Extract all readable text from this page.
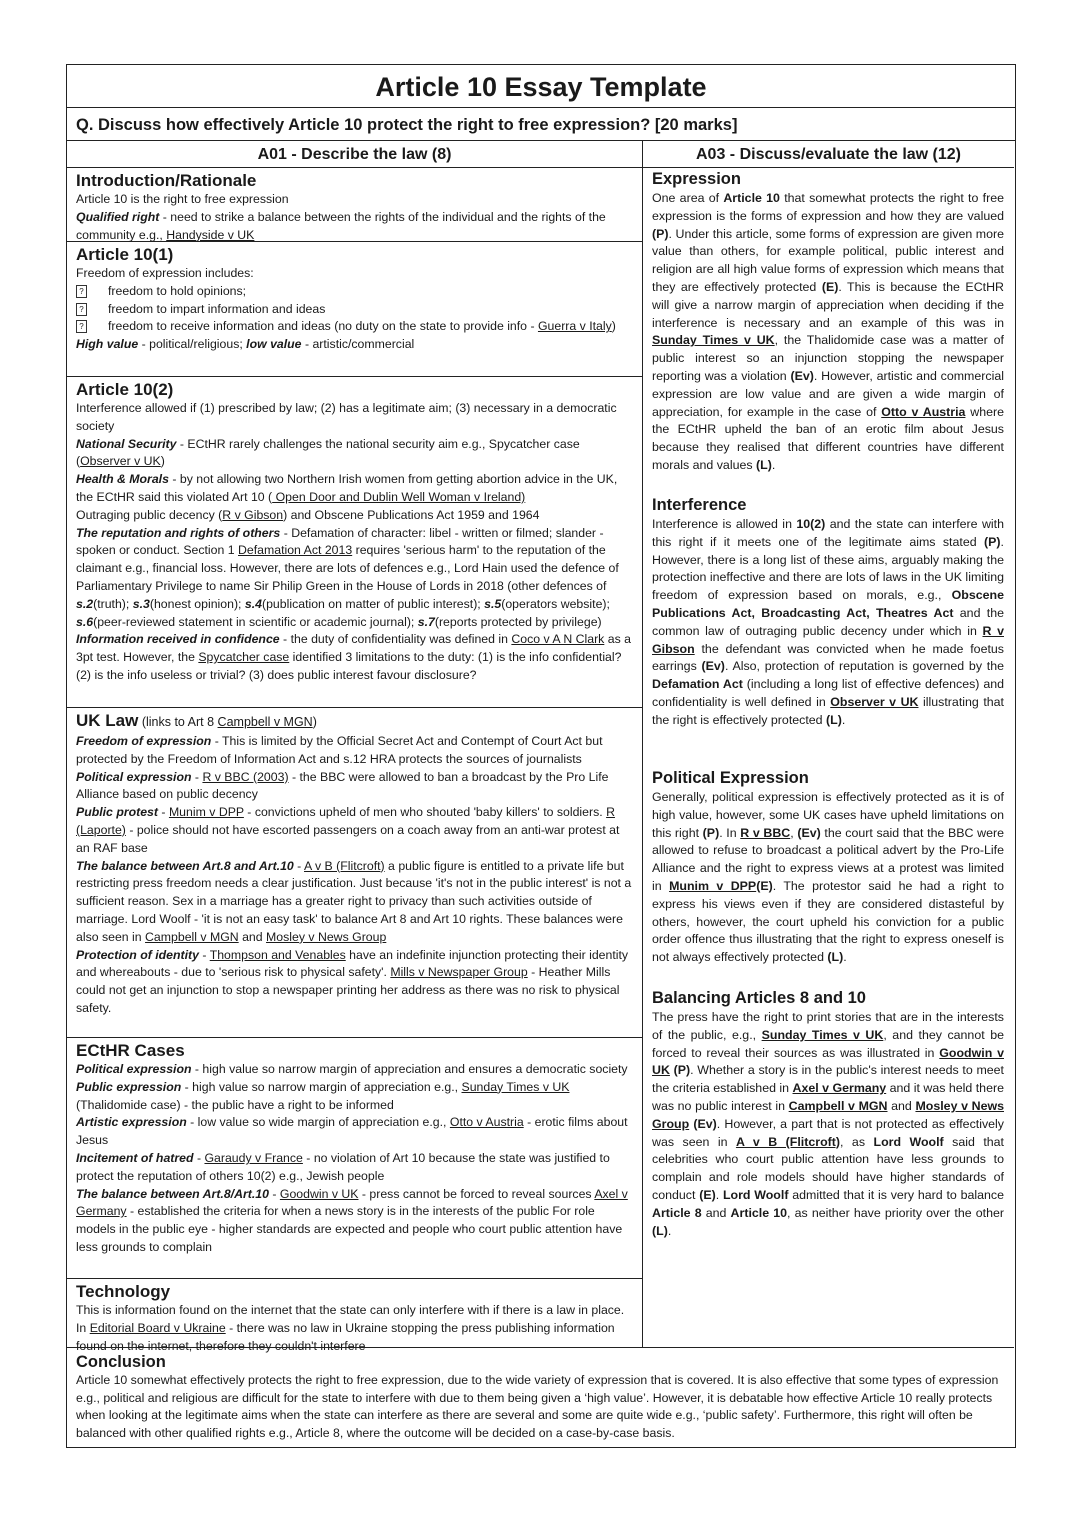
Article 10 Essay Template
Q. Discuss how effectively Article 10 protect the right to free expression? [20 marks]
A01 - Describe the law (8)
Introduction/Rationale

Article 10 is the right to free expression

Qualified right - need to strike a balance between the rights of the individual and the rights of the community e.g., Handyside v UK

Article 10(1)

Freedom of expression includes:

? freedom to hold opinions;

? freedom to impart information and ideas

? freedom to receive information and ideas (no duty on the state to provide info - Guerra v Italy)

High value - political/religious; low value - artistic/commercial

Article 10(2)

Interference allowed if (1) prescribed by law; (2) has a legitimate aim; (3) necessary in a democratic society

National Security - ECtHR rarely challenges the national security aim e.g., Spycatcher case (Observer v UK)

Health & Morals - by not allowing two Northern Irish women from getting abortion advice in the UK, the ECtHR said this violated Art 10 ( Open Door and Dublin Well Woman v Ireland)

Outraging public decency (R v Gibson) and Obscene Publications Act 1959 and 1964

The reputation and rights of others - Defamation of character: libel - written or filmed; slander - spoken or conduct. Section 1 Defamation Act 2013 requires 'serious harm' to the reputation of the claimant e.g., financial loss. However, there are lots of defences e.g., Lord Hain used the defence of Parliamentary Privilege to name Sir Philip Green in the House of Lords in 2018 (other defences of s.2(truth); s.3(honest opinion); s.4(publication on matter of public interest); s.5(operators website); s.6(peer-reviewed statement in scientific or academic journal); s.7(reports protected by privilege)

Information received in confidence - the duty of confidentiality was defined in Coco v A N Clark as a 3pt test. However, the Spycatcher case identified 3 limitations to the duty: (1) is the info confidential? (2) is the info useless or trivial? (3) does public interest favour disclosure?

UK Law (links to Art 8 Campbell v MGN)

Freedom of expression - This is limited by the Official Secret Act and Contempt of Court Act but protected by the Freedom of Information Act and s.12 HRA protects the sources of journalists

Political expression - R v BBC (2003) - the BBC were allowed to ban a broadcast by the Pro Life Alliance based on public decency

Public protest - Munim v DPP - convictions upheld of men who shouted 'baby killers' to soldiers. R (Laporte) - police should not have escorted passengers on a coach away from an anti-war protest at an RAF base

The balance between Art.8 and Art.10 - A v B (Flitcroft) a public figure is entitled to a private life but restricting press freedom needs a clear justification. Just because 'it's not in the public interest' is not a sufficient reason. Sex in a marriage has a greater right to privacy than such activities outside of marriage. Lord Woolf - 'it is not an easy task' to balance Art 8 and Art 10 rights. These balances were also seen in Campbell v MGN and Mosley v News Group

Protection of identity - Thompson and Venables have an indefinite injunction protecting their identity and whereabouts - due to 'serious risk to physical safety'. Mills v Newspaper Group - Heather Mills could not get an injunction to stop a newspaper printing her address as there was no risk to physical safety.

ECtHR Cases

Political expression - high value so narrow margin of appreciation and ensures a democratic society

Public expression - high value so narrow margin of appreciation e.g., Sunday Times v UK (Thalidomide case) - the public have a right to be informed

Artistic expression - low value so wide margin of appreciation e.g., Otto v Austria - erotic films about Jesus

Incitement of hatred - Garaudy v France - no violation of Art 10 because the state was justified to protect the reputation of others 10(2) e.g., Jewish people

The balance between Art.8/Art.10 - Goodwin v UK - press cannot be forced to reveal sources Axel v Germany - established the criteria for when a news story is in the interests of the public For role models in the public eye - higher standards are expected and people who court public attention have less grounds to complain

Technology

This is information found on the internet that the state can only interfere with if there is a law in place. In Editorial Board v Ukraine - there was no law in Ukraine stopping the press publishing information found on the internet, therefore they couldn't interfere

A03 - Discuss/evaluate the law (12)
Expression

One area of Article 10 that somewhat protects the right to free expression is the forms of expression and how they are valued (P). Under this article, some forms of expression are given more value than others, for example political, public interest and religion are all high value forms of expression which means that they are effectively protected (E). This is because the ECtHR will give a narrow margin of appreciation when deciding if the interference is necessary and an example of this was in Sunday Times v UK, the Thalidomide case was a matter of public interest so an injunction stopping the newspaper reporting was a violation (Ev). However, artistic and commercial expression are low value and are given a wide margin of appreciation, for example in the case of Otto v Austria where the ECtHR upheld the ban of an erotic film about Jesus because they realised that different countries have different morals and values (L).

Interference

Interference is allowed in 10(2) and the state can interfere with this right if it meets one of the legitimate aims stated (P). However, there is a long list of these aims, arguably making the protection ineffective and there are lots of laws in the UK limiting freedom of expression based on morals, e.g., Obscene Publications Act, Broadcasting Act, Theatres Act and the common law of outraging public decency under which in R v Gibson the defendant was convicted when he made foetus earrings (Ev). Also, protection of reputation is governed by the Defamation Act (including a long list of effective defences) and confidentiality is well defined in Observer v UK illustrating that the right is effectively protected (L).

Political Expression

Generally, political expression is effectively protected as it is of high value, however, some UK cases have upheld limitations on this right (P). In R v BBC, (Ev) the court said that the BBC were allowed to refuse to broadcast a political advert by the Pro-Life Alliance and the right to express views at a protest was limited in Munim v DPP(E). The protestor said he had a right to express his views even if they are considered distasteful by others, however, the court upheld his conviction for a public order offence thus illustrating that the right to express oneself is not always effectively protected (L).

Balancing Articles 8 and 10

The press have the right to print stories that are in the interests of the public, e.g., Sunday Times v UK, and they cannot be forced to reveal their sources as was illustrated in Goodwin v UK (P). Whether a story is in the public's interest needs to meet the criteria established in Axel v Germany and it was held there was no public interest in Campbell v MGN and Mosley v News Group (Ev). However, a part that is not protected as effectively was seen in A v B (Flitcroft), as Lord Woolf said that celebrities who court public attention have less grounds to complain and role models should have higher standards of conduct (E). Lord Woolf admitted that it is very hard to balance Article 8 and Article 10, as neither have priority over the other (L).

Conclusion

Article 10 somewhat effectively protects the right to free expression, due to the wide variety of expression that is covered. It is also effective that some types of expression e.g., political and religious are difficult for the state to interfere with due to them being given a ‘high value’. However, it is debatable how effective Article 10 really protects when looking at the legitimate aims when the state can interfere as there are several and some are quite wide e.g., ‘public safety’. Furthermore, this right will often be balanced with other qualified rights e.g., Article 8, where the outcome will be decided on a case-by-case basis.
